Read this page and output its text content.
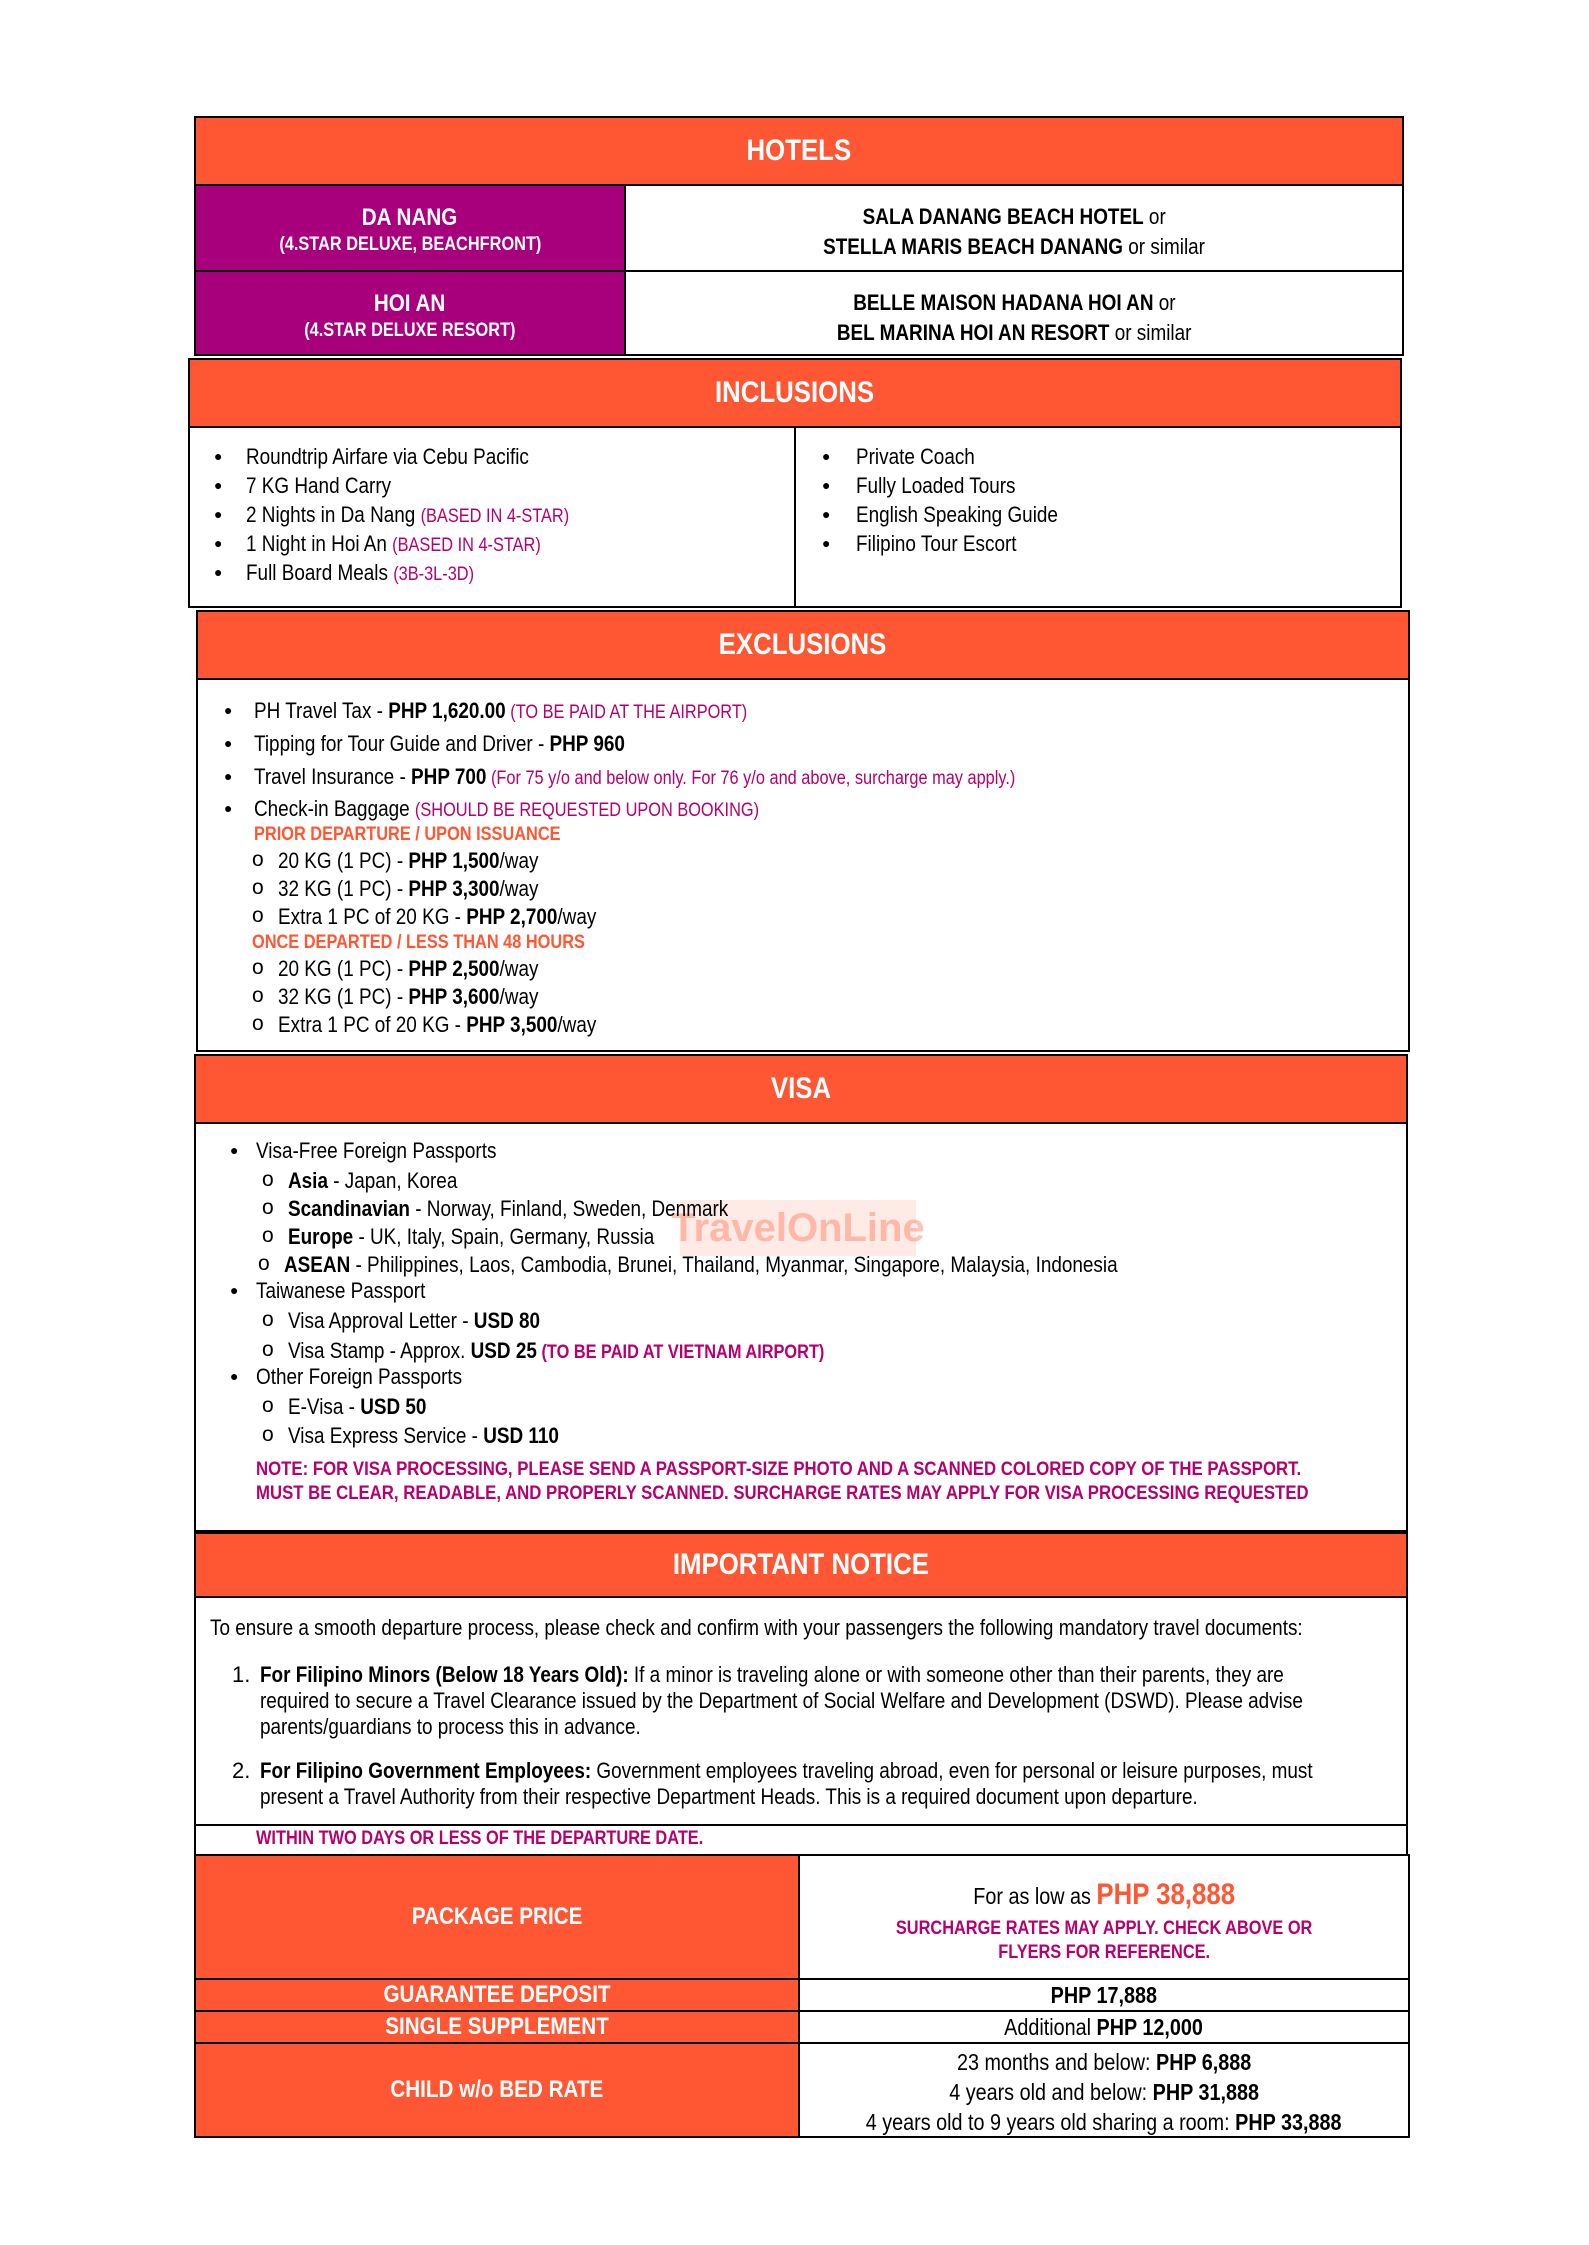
HOTELS
DA NANG
(4.STAR DELUXE, BEACHFRONT)
SALA DANANG BEACH HOTEL or
STELLA MARIS BEACH DANANG or similar
HOI AN
(4.STAR DELUXE RESORT)
BELLE MAISON HADANA HOI AN or
BEL MARINA HOI AN RESORT or similar
INCLUSIONS
EXCLUSIONS
VISA
TravelOnLine
IMPORTANT NOTICE
To ensure a smooth departure process, please check and confirm with your passengers the following mandatory travel documents:
1. For Filipino Minors (Below 18 Years Old): If a minor is traveling alone or with someone other than their parents, they are
required to secure a Travel Clearance issued by the Department of Social Welfare and Development (DSWD). Please advise
parents/guardians to process this in advance.
2. For Filipino Government Employees: Government employees traveling abroad, even for personal or leisure purposes, must
present a Travel Authority from their respective Department Heads. This is a required document upon departure.
WITHIN TWO DAYS OR LESS OF THE DEPARTURE DATE.
PACKAGE PRICE
For as low as PHP 38,888
SURCHARGE RATES MAY APPLY. CHECK ABOVE OR
FLYERS FOR REFERENCE.
GUARANTEE DEPOSIT	PHP 17,888
SINGLE SUPPLEMENT	Additional PHP 12,000
CHILD w/o BED RATE
23 months and below: PHP 6,888
4 years old and below: PHP 31,888
4 years old to 9 years old sharing a room: PHP 33,888
● Roundtrip Airfare via Cebu Pacific
● 7 KG Hand Carry
● 2 Nights in Da Nang (BASED IN 4-STAR)
● 1 Night in Hoi An (BASED IN 4-STAR)
● Full Board Meals (3B-3L-3D)
● Private Coach
● Fully Loaded Tours
● English Speaking Guide
● Filipino Tour Escort
● PH Travel Tax - PHP 1,620.00 (TO BE PAID AT THE AIRPORT)
● Tipping for Tour Guide and Driver - PHP 960
● Travel Insurance - PHP 700 (For 75 y/o and below only. For 76 y/o and above, surcharge may apply.)
● Check-in Baggage (SHOULD BE REQUESTED UPON BOOKING)
PRIOR DEPARTURE / UPON ISSUANCE
o 20 KG (1 PC) - PHP 1,500/way
o 32 KG (1 PC) - PHP 3,300/way
o Extra 1 PC of 20 KG - PHP 2,700/way
ONCE DEPARTED / LESS THAN 48 HOURS
o 20 KG (1 PC) - PHP 2,500/way
o 32 KG (1 PC) - PHP 3,600/way
o Extra 1 PC of 20 KG - PHP 3,500/way
● Visa-Free Foreign Passports
o Asia - Japan, Korea
o Scandinavian - Norway, Finland, Sweden, Denmark
o Europe - UK, Italy, Spain, Germany, Russia
o ASEAN - Philippines, Laos, Cambodia, Brunei, Thailand, Myanmar, Singapore, Malaysia, Indonesia
● Taiwanese Passport
o Visa Approval Letter - USD 80
o Visa Stamp - Approx. USD 25 (TO BE PAID AT VIETNAM AIRPORT)
● Other Foreign Passports
o E-Visa - USD 50
o Visa Express Service - USD 110
NOTE: FOR VISA PROCESSING, PLEASE SEND A PASSPORT-SIZE PHOTO AND A SCANNED COLORED COPY OF THE PASSPORT.
MUST BE CLEAR, READABLE, AND PROPERLY SCANNED. SURCHARGE RATES MAY APPLY FOR VISA PROCESSING REQUESTED
